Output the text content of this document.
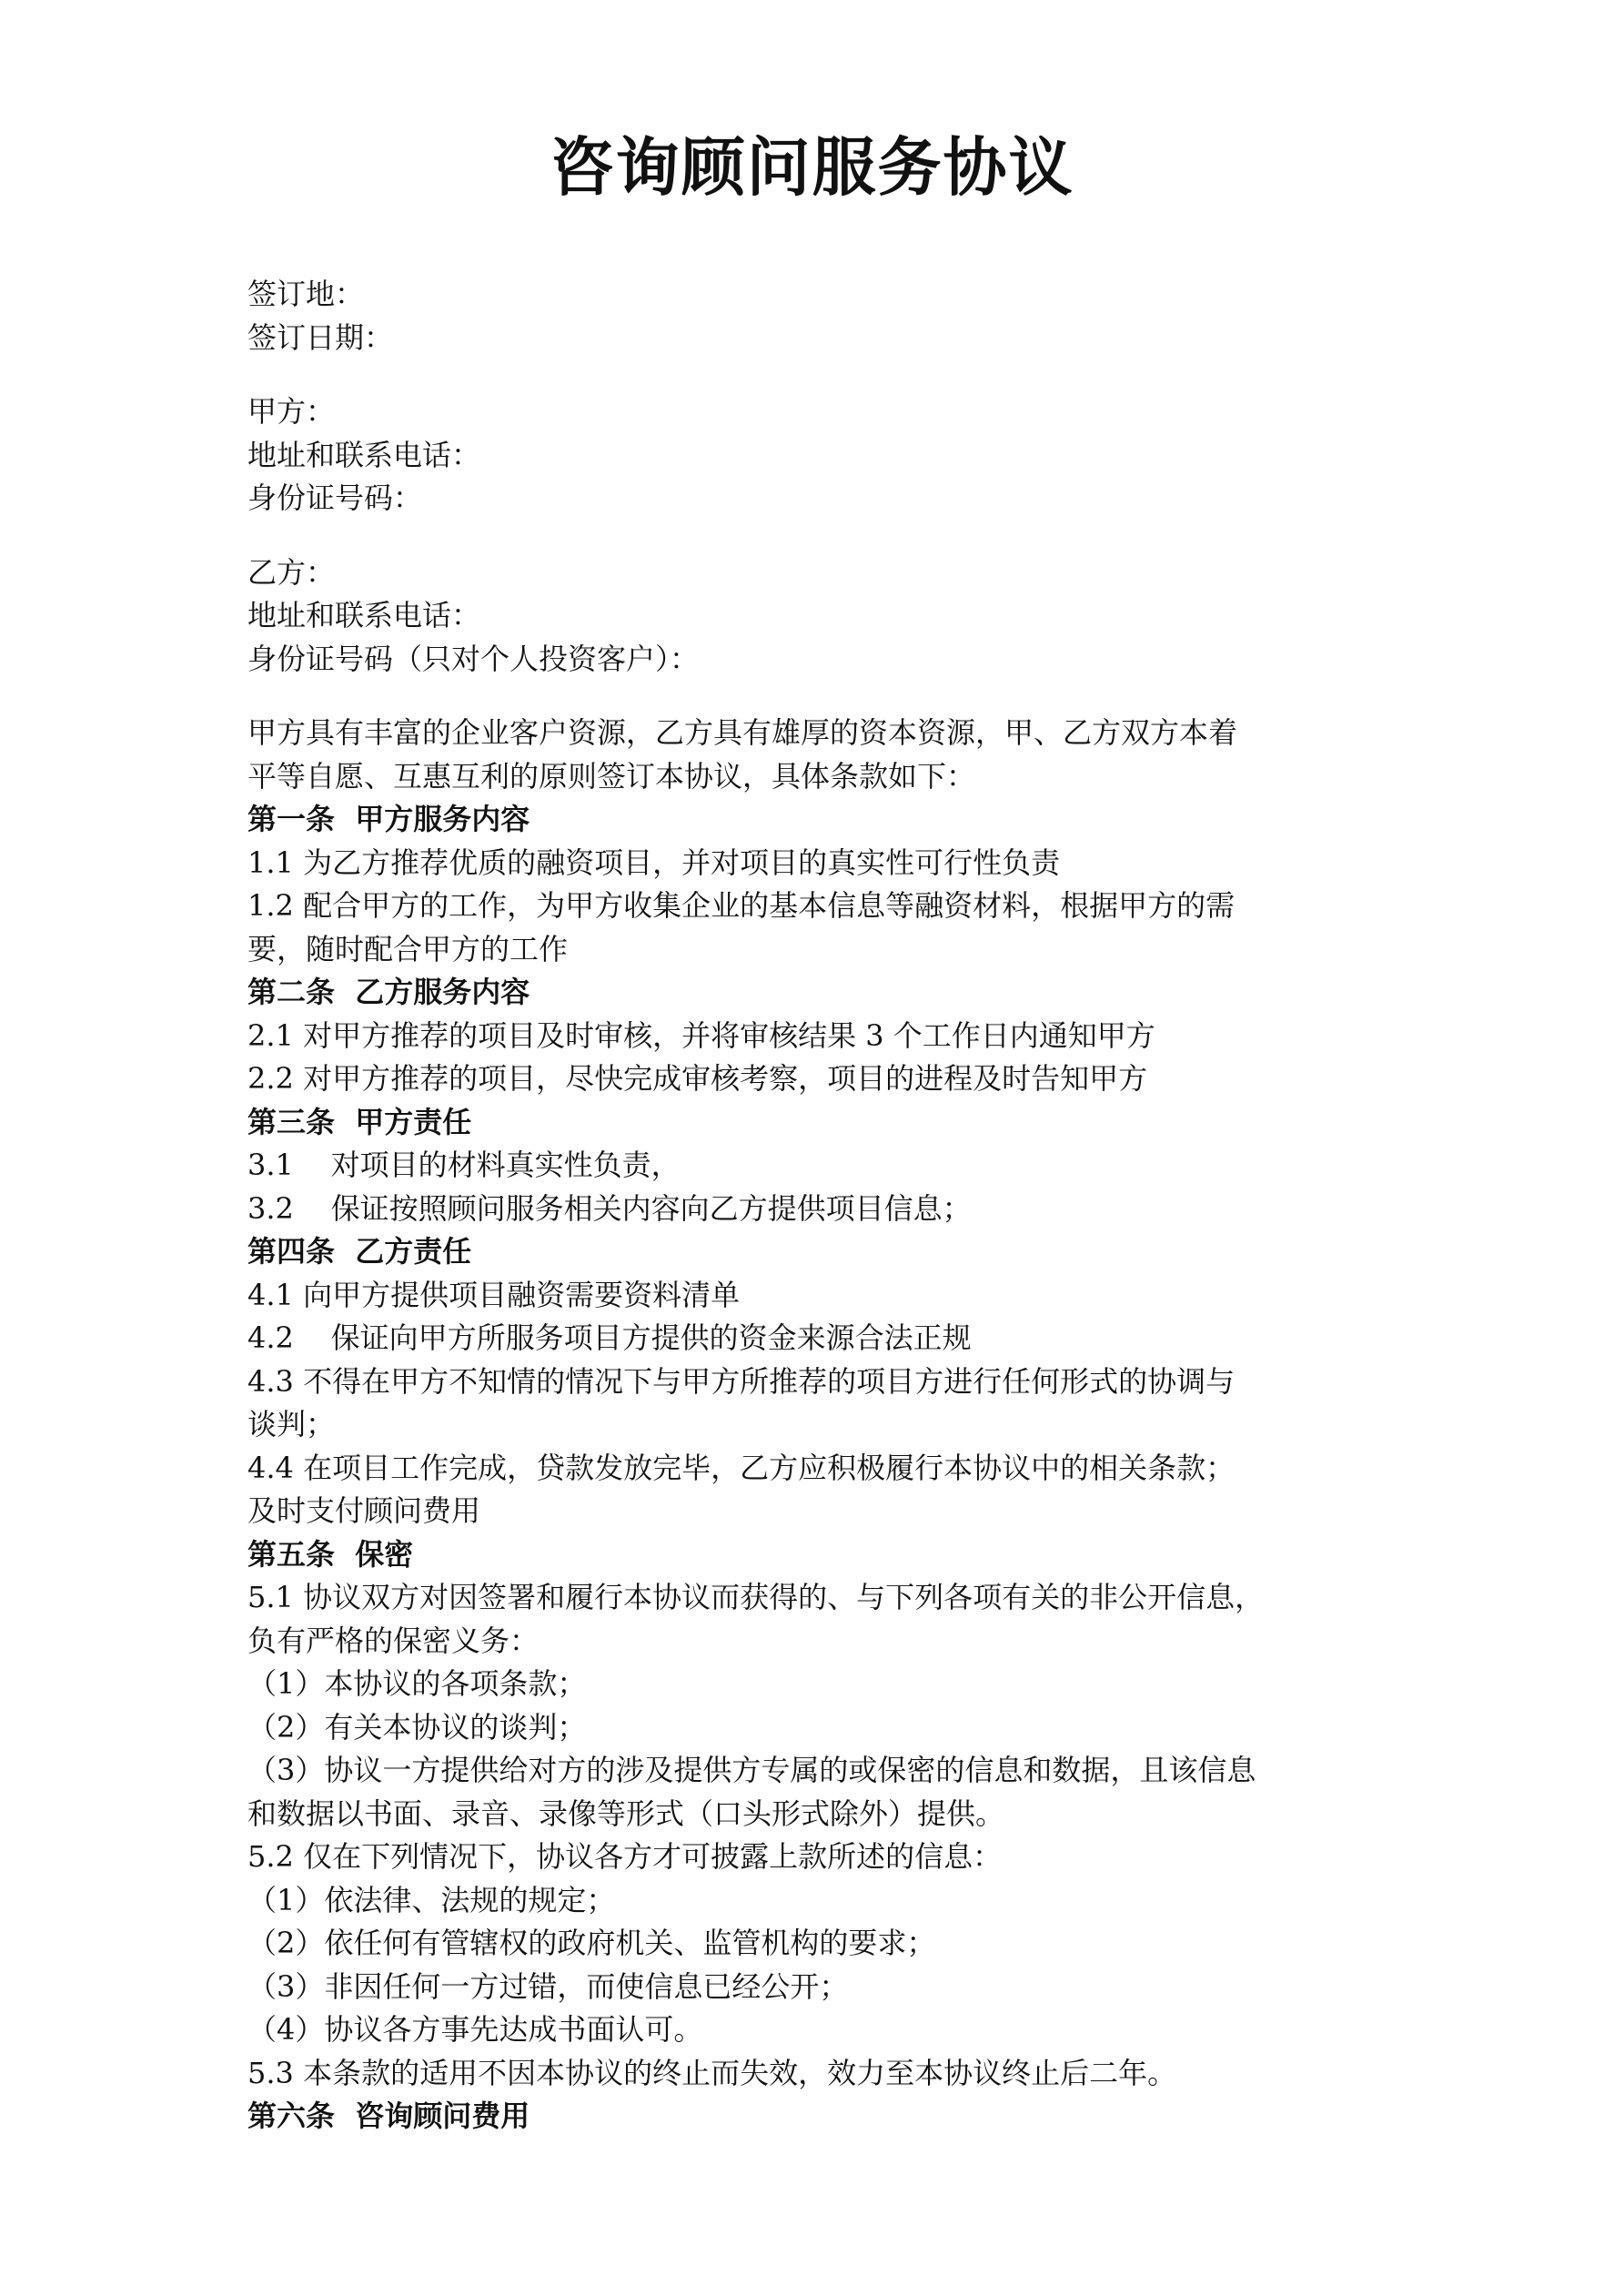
咨询顾问服务协议
签订地：
签订日期：
甲方：
地址和联系电话：
身份证号码：
乙方：
地址和联系电话：
身份证号码（只对个人投资客户）：
甲方具有丰富的企业客户资源，乙方具有雄厚的资本资源，甲、乙方双方本着
平等自愿、互惠互利的原则签订本协议，具体条款如下：
第一条  甲方服务内容
1.1 为乙方推荐优质的融资项目，并对项目的真实性可行性负责
1.2 配合甲方的工作，为甲方收集企业的基本信息等融资材料，根据甲方的需
要，随时配合甲方的工作
第二条  乙方服务内容
2.1 对甲方推荐的项目及时审核，并将审核结果 3 个工作日内通知甲方
2.2 对甲方推荐的项目，尽快完成审核考察，项目的进程及时告知甲方
第三条  甲方责任
3.1    对项目的材料真实性负责，
3.2    保证按照顾问服务相关内容向乙方提供项目信息；
第四条  乙方责任
4.1 向甲方提供项目融资需要资料清单
4.2    保证向甲方所服务项目方提供的资金来源合法正规
4.3 不得在甲方不知情的情况下与甲方所推荐的项目方进行任何形式的协调与
谈判；
4.4 在项目工作完成，贷款发放完毕，乙方应积极履行本协议中的相关条款；
及时支付顾问费用
第五条  保密
5.1 协议双方对因签署和履行本协议而获得的、与下列各项有关的非公开信息，
负有严格的保密义务：
（1）本协议的各项条款；
（2）有关本协议的谈判；
（3）协议一方提供给对方的涉及提供方专属的或保密的信息和数据，且该信息
和数据以书面、录音、录像等形式（口头形式除外）提供。
5.2 仅在下列情况下，协议各方才可披露上款所述的信息：
（1）依法律、法规的规定；
（2）依任何有管辖权的政府机关、监管机构的要求；
（3）非因任何一方过错，而使信息已经公开；
（4）协议各方事先达成书面认可。
5.3 本条款的适用不因本协议的终止而失效，效力至本协议终止后二年。
第六条  咨询顾问费用
